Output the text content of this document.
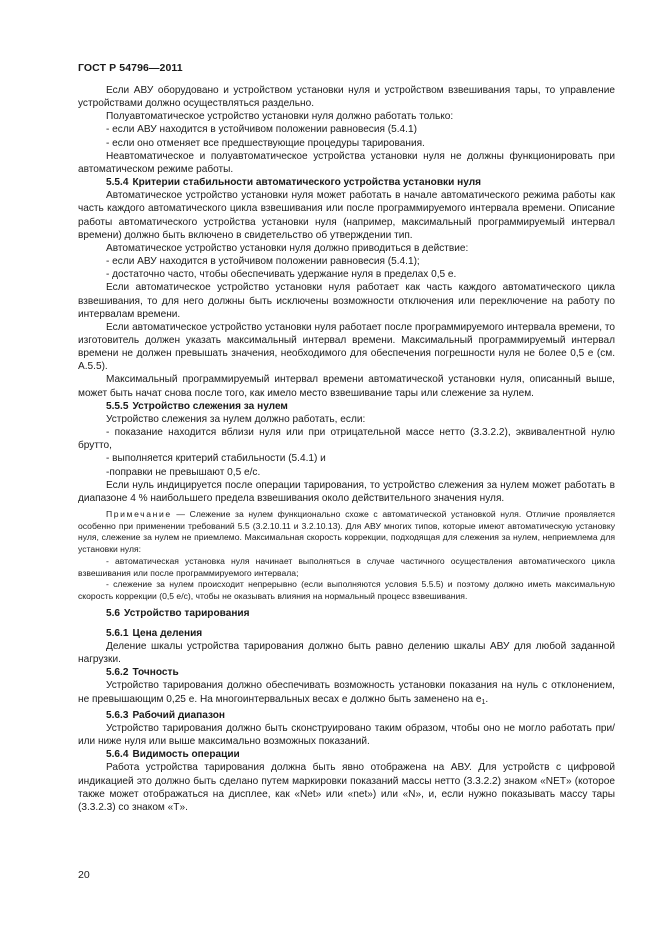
ГОСТ Р 54796—2011

Если АВУ оборудовано и устройством установки нуля и устройством взвешивания тары, то управление устройствами должно осуществляться раздельно.

Полуавтоматическое устройство установки нуля должно работать только:

- если АВУ находится в устойчивом положении равновесия (5.4.1)

- если оно отменяет все предшествующие процедуры тарирования.

Неавтоматическое и полуавтоматическое устройства установки нуля не должны функционировать при автоматическом режиме работы.

5.5.4 Критерии стабильности автоматического устройства установки нуля

Автоматическое устройство установки нуля может работать в начале автоматического режима работы как часть каждого автоматического цикла взвешивания или после программируемого интервала времени. Описание работы автоматического устройства установки нуля (например, максимальный программируемый интервал времени) должно быть включено в свидетельство об утверждении тип.

Автоматическое устройство установки нуля должно приводиться в действие:

- если АВУ находится в устойчивом положении равновесия (5.4.1);

- достаточно часто, чтобы обеспечивать удержание нуля в пределах 0,5 e.

Если автоматическое устройство установки нуля работает как часть каждого автоматического цикла взвешивания, то для него должны быть исключены возможности отключения или переключение на работу по интервалам времени.

Если автоматическое устройство установки нуля работает после программируемого интервала времени, то изготовитель должен указать максимальный интервал времени. Максимальный программируемый интервал времени не должен превышать значения, необходимого для обеспечения погрешности нуля не более 0,5 e (см. А.5.5).

Максимальный программируемый интервал времени автоматической установки нуля, описанный выше, может быть начат снова после того, как имело место взвешивание тары или слежение за нулем.

5.5.5 Устройство слежения за нулем

Устройство слежения за нулем должно работать, если:

- показание находится вблизи нуля или при отрицательной массе нетто (3.3.2.2), эквивалентной нулю брутто,

- выполняется критерий стабильности (5.4.1) и

-поправки не превышают 0,5 e/c.

Если нуль индицируется после операции тарирования, то устройство слежения за нулем может работать в диапазоне 4 % наибольшего предела взвешивания около действительного значения нуля.

Примечание — Слежение за нулем функционально схоже с автоматической установкой нуля. Отличие проявляется особенно при применении требований 5.5 (3.2.10.11 и 3.2.10.13). Для АВУ многих типов, которые имеют автоматическую установку нуля, слежение за нулем не приемлемо. Максимальная скорость коррекции, подходящая для слежения за нулем, неприемлема для установки нуля:

- автоматическая установка нуля начинает выполняться в случае частичного осуществления автоматического цикла взвешивания или после программируемого интервала;

- слежение за нулем происходит непрерывно (если выполняются условия 5.5.5) и поэтому должно иметь максимальную скорость коррекции (0,5 e/c), чтобы не оказывать влияния на нормальный процесс взвешивания.

5.6 Устройство тарирования

5.6.1 Цена деления

Деление шкалы устройства тарирования должно быть равно делению шкалы АВУ для любой заданной нагрузки.

5.6.2 Точность

Устройство тарирования должно обеспечивать возможность установки показания на нуль с отклонением, не превышающим 0,25 e. На многоинтервальных весах e должно быть заменено на $e_1$.

5.6.3 Рабочий диапазон

Устройство тарирования должно быть сконструировано таким образом, чтобы оно не могло работать при/или ниже нуля или выше максимально возможных показаний.

5.6.4 Видимость операции

Работа устройства тарирования должна быть явно отображена на АВУ. Для устройств с цифровой индикацией это должно быть сделано путем маркировки показаний массы нетто (3.3.2.2) знаком «NET» (которое также может отображаться на дисплее, как «Net» или «net») или «N», и, если нужно показывать массу тары (3.3.2.3) со знаком «T».

20
